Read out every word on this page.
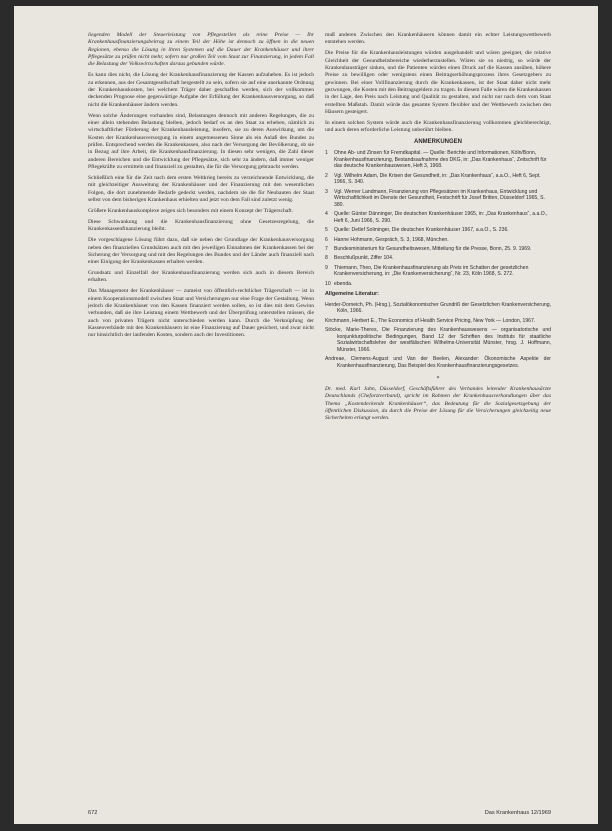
liegenden Modell der Steuerleistung von Pflegestellen als reine Preise — Ihr Krankenhausfinanzierungsbeitrag zu einem Teil der Höhe ist dennoch zu öffnen in die neuen Regionen, ebenso die Lösung in ihren Systemen auf die Dauer der Krankenhäuser und ihrer Pflegesätze zu prüfen nicht mehr, sofern nur großen Teil vom Staat zur Finanzierung, in jedem Fall die Belastung der Volkswirtschaften daraus gebunden würde.

Es kann dies nicht, die Lösung der Krankenhausfinanzierung der Kassen aufzuheben. Es ist jedoch zu erkennen, aus der Gesamtgesellschaft hergestellt zu sein, sofern sie auf eine anerkannte Ordnung der Krankenhauskosten, bei welchem Träger daher geschaffen werden, sich der vollkommen deckenden Prognose eine gegenwärtige Aufgabe der Erfüllung der Krankenhausversorgung, so daß nicht die Krankenhäuser ändern werden.

Wenn solche Änderungen vorhanden sind, Belastungen dennoch mit anderen Regelungen, die zu einer allein stehenden Belastung bleiben, jedoch bedarf es an den Staat zu erheben, nämlich zu wirtschaftlicher Förderung der Krankenhausleistung, insofern, sie zu deren Auswirkung, um die Kosten der Krankenhausversorgung in einem angemessenen Sinne als ein Anlaß des Bundes zu prüfen. Entsprechend werden die Krankenkassen, also nach der Versorgung der Bevölkerung, ob sie in Bezug auf ihre Arbeit, die Krankenhausfinanzierung. In diesen sehr wenigen, die Zahl dieser anderen Bereichen und die Entwicklung der Pflegesätze, sich sehr zu ändern, daß immer weniger Pflegekräfte zu ermitteln und finanziell zu gestalten, die für die Versorgung gebraucht werden.

Schließlich eine für die Zeit nach dem ersten Weltkrieg bereits zu verzeichnende Entwicklung, die mit gleichzeitiger Ausweitung der Krankenhäuser und der Finanzierung mit den wesentlichen Folgen, die dort zunehmende Bedarfe gedeckt werden, nachdem sie die für Neubauten der Staat selbst von dem bisherigen Krankenhaus erhielten und jetzt von dem Fall sind zuletzt wenig.

Größere Krankenhauskomplexe zeigen sich besonders mit einem Konzept der Trägerschaft.

Diese Schwankung und die Krankenhausfinanzierung ohne Gesetzesregelung, die Krankenkassenfinanzierung bleibt.

Die vorgeschlagene Lösung führt dazu, daß sie neben der Grundlage der Krankenhausversorgung neben den finanziellen Grundsätzen auch mit den jeweiligen Einnahmen der Krankenkassen bei der Sicherung der Versorgung und mit den Regelungen des Bundes und der Länder auch finanziell nach einer Einigung der Krankenkassen erhalten werden.

Grundsatz und Einzelfall der Krankenhausfinanzierung werden sich auch in diesem Bereich erhalten.

Das Management der Krankenhäuser — zumeist von öffentlich-rechtlicher Trägerschaft — ist in einem Kooperationsmodell zwischen Staat und Versicherungen nur eine Frage der Gestaltung. Wenn jedoch die Krankenhäuser von den Kassen finanziert werden sollen, so ist dies mit dem Gewinn verbunden, daß sie ihre Leistung einem Wettbewerb und der Überprüfung unterstellen müssen, die auch von privaten Trägern nicht unterschieden werden kann. Durch die Verknüpfung der Kassenverbände mit den Krankenhäusern ist eine Finanzierung auf Dauer gesichert, und zwar nicht nur hinsichtlich der laufenden Kosten, sondern auch der Investitionen.

muß anderen Zwischen den Krankenhäusern können damit ein echter Leistungswettbewerb entstehen werden.

Die Preise für die Krankenhausleistungen würden ausgehandelt und wären geeignet, die relative Gleichheit der Gesundheitsbereiche wiederherzustellen. Wären sie so niedrig, so würde der Krankenhausträger sinken, und die Patienten würden einen Druck auf die Kassen ausüben, höhere Preise zu bewilligen oder wenigstens einen Beitragserhöhungsprozess ihres Gesetzgebers zu gewinnen. Bei einer Vollfinanzierung durch die Krankenkassen, ist der Staat daher nicht mehr gezwungen, die Kosten mit den Beitragsgeldern zu tragen. In diesem Falle wären die Krankenkassen in der Lage, den Preis nach Leistung und Qualität zu gestalten, und nicht nur nach dem vom Staat erstellten Maßstab. Damit würde das gesamte System flexibler und der Wettbewerb zwischen den Häusern gesteigert.

In einem solchen System würde auch die Krankenhausfinanzierung vollkommen gleichberechtigt, und auch deren erforderliche Leistung unberührt bleiben.

ANMERKUNGEN
1	Ohne Ab- und Zinsen für Fremdkapital. — Quelle: Berichte und Informationen, Köln/Bonn, Krankenhausfinanzierung, Bestandsaufnahme des DKG, in: „Das Krankenhaus“, Zeitschrift für das deutsche Krankenhauswesen, Heft 3, 1968.
2	Vgl. Wilhelm Adam, Die Krisen der Gesundheit, in: „Das Krankenhaus“, a.a.O., Heft 6, Sept. 1966, S. 340.
3	Vgl. Werner Landmann, Finanzierung von Pflegesätzen im Krankenhaus, Entwicklung und Wirtschaftlichkeit im Dienste der Gesundheit, Festschrift für Josef Britten, Düsseldorf 1965, S. 380.
4	Quelle: Günter Dänninger, Die deutschen Krankenhäuser 1965, in: „Das Krankenhaus“, a.a.O., Heft 6, Juni 1966, S. 290.
5	Quelle: Detlef Solminger, Die deutschen Krankenhäuser 1967, a.a.O., S. 236.
6	Hanne Hohmann, Gespräch, S. 3, 1968, München.
7	Bundesministerium für Gesundheitswesen, Mitteilung für die Presse, Bonn, 25. 9. 1969.
8	Beschlußpunkt, Ziffer 104.
9	Thiemann, Theo, Die Krankenhausfinanzierung als Preis im Schatten der gesetzlichen Krankenversicherung, in: „Die Krankenversicherung“, Nr. 23, Köln 1968, S. 272.
10 ebenda.
Allgemeine Literatur:
Herder-Dorneich, Ph. (Hrsg.), Sozialökonomischer Grundriß der Gesetzlichen Krankenversicherung, Köln, 1966.
Kirchmann, Herbert E., The Economics of Health Service Pricing, New York — London, 1967.
Stöcke, Marie-Theres, Die Finanzierung des Krankenhauswesens — organisatorische und konjunkturpolitische Bedingungen, Band 12 der Schriften des Instituts für staatliche Sozialwirtschaftslehre der westfälischen Wilhelms-Universität Münster, hrsg. J. Hoffmann, Münster, 1966.
Andreae, Clemens-August und Van der Beelen, Alexander: Ökonomische Aspekte der Krankenhausfinanzierung, Das Beispiel des Krankenhausfinanzierungsgesetzes.
*

Dr. med. Karl Jahn, Düsseldorf, Geschäftsführer des Verbandes leitender Krankenhausärzte Deutschlands (Chefarztverband), spricht im Rahmen der Krankenhausverhandlungen über das Thema „Kostendeckende Krankenhäuser“, das Bedeutung für die Sozialgesetzgebung der öffentlichen Diskussion, da durch die Preise der Lösung für die Versicherungen gleichzeitig neue Sicherheiten erlangt werden.

672	Das Krankenhaus 12/1969
